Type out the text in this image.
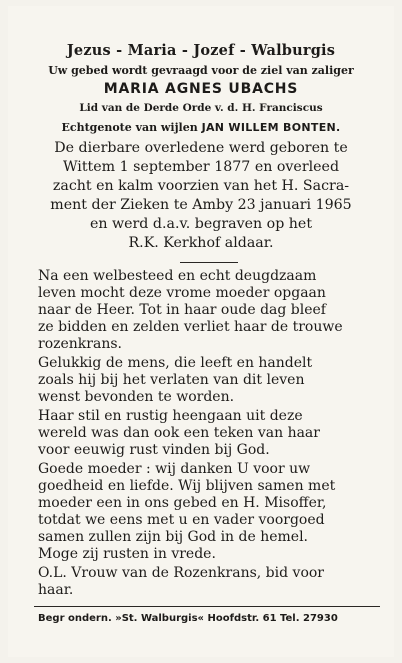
Jezus - Maria - Jozef - Walburgis
Uw gebed wordt gevraagd voor de ziel van zaliger
MARIA AGNES UBACHS
Lid van de Derde Orde v. d. H. Franciscus
Echtgenote van wijlen JAN WILLEM BONTEN.
De dierbare overledene werd geboren te
Wittem 1 september 1877 en overleed
zacht en kalm voorzien van het H. Sacra-
ment der Zieken te Amby 23 januari 1965
en werd d.a.v. begraven op het
R.K. Kerkhof aldaar.
Na een welbesteed en echt deugdzaam
leven mocht deze vrome moeder opgaan
naar de Heer. Tot in haar oude dag bleef
ze bidden en zelden verliet haar de trouwe
rozenkrans.
Gelukkig de mens, die leeft en handelt
zoals hij bij het verlaten van dit leven
wenst bevonden te worden.
Haar stil en rustig heengaan uit deze
wereld was dan ook een teken van haar
voor eeuwig rust vinden bij God.
Goede moeder : wij danken U voor uw
goedheid en liefde. Wij blijven samen met
moeder een in ons gebed en H. Misoffer,
totdat we eens met u en vader voorgoed
samen zullen zijn bij God in de hemel.
Moge zij rusten in vrede.
O.L. Vrouw van de Rozenkrans, bid voor
haar.
Begr ondern. »St. Walburgis« Hoofdstr. 61 Tel. 27930
